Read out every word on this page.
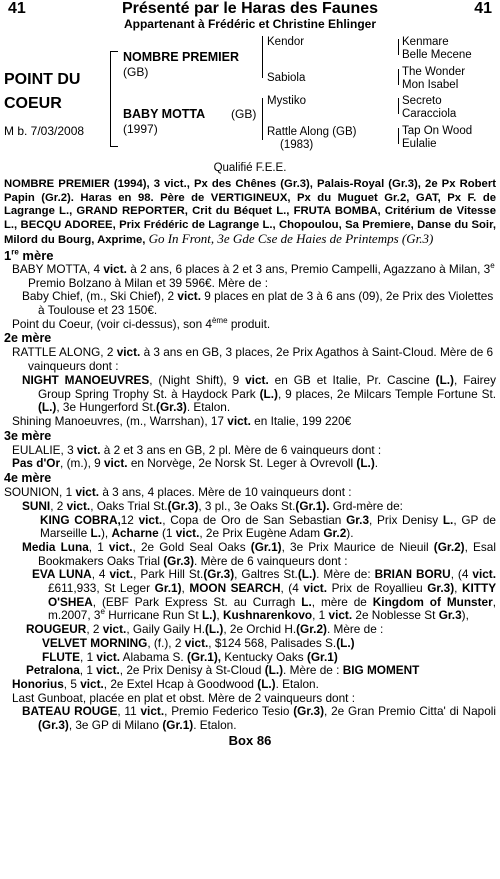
41	Présenté par le Haras des Faunes	41
Appartenant à Frédéric et Christine Ehlinger
POINT DU
COEUR
M b. 7/03/2008
NOMBRE PREMIER
(GB)
BABY MOTTA (GB)
(1997)
Kendor
Sabiola
Mystiko
Rattle Along (GB)
(1983)
Kenmare
Belle Mecene
The Wonder
Mon Isabel
Secreto
Caracciola
Tap On Wood
Eulalie
Qualifié F.E.E.

NOMBRE PREMIER (1994), 3 vict., Px des Chênes (Gr.3), Palais-Royal (Gr.3), 2e Px Robert Papin (Gr.2). Haras en 98. Père de VERTIGINEUX, Px du Muguet Gr.2, GAT, Px F. de Lagrange L., GRAND REPORTER, Crit du Béquet L., FRUTA BOMBA, Critérium de Vitesse L., BECQU ADOREE, Prix Frédéric de Lagrange L., Chopoulou, Sa Premiere, Danse du Soir, Milord du Bourg, Axprime, Go In Front, 3e Gde Cse de Haies de Printemps (Gr.3)

1re mère

BABY MOTTA, 4 vict. à 2 ans, 6 places à 2 et 3 ans, Premio Campelli, Agazzano à Milan, 3e Premio Bolzano à Milan et 39 596€. Mère de :

Baby Chief, (m., Ski Chief), 2 vict. 9 places en plat de 3 à 6 ans (09), 2e Prix des Violettes à Toulouse et 23 150€.

Point du Coeur, (voir ci-dessus), son 4ème produit.

2e mère

RATTLE ALONG, 2 vict. à 3 ans en GB, 3 places, 2e Prix Agathos à Saint-Cloud. Mère de 6 vainqueurs dont :

NIGHT MANOEUVRES, (Night Shift), 9 vict. en GB et Italie, Pr. Cascine (L.), Fairey Group Spring Trophy St. à Haydock Park (L.), 9 places, 2e Milcars Temple Fortune St.(L.), 3e Hungerford St.(Gr.3). Etalon.

Shining Manoeuvres, (m., Warrshan), 17 vict. en Italie, 199 220€

3e mère

EULALIE, 3 vict. à 2 et 3 ans en GB, 2 pl. Mère de 6 vainqueurs dont :

Pas d'Or, (m.), 9 vict. en Norvège, 2e Norsk St. Leger à Ovrevoll (L.).

4e mère

SOUNION, 1 vict. à 3 ans, 4 places. Mère de 10 vainqueurs dont :

SUNI, 2 vict., Oaks Trial St.(Gr.3), 3 pl., 3e Oaks St.(Gr.1). Grd-mère de:

KING COBRA,12 vict., Copa de Oro de San Sebastian Gr.3, Prix Denisy L., GP de Marseille L.), Acharne (1 vict., 2e Prix Eugène Adam Gr.2).

Media Luna, 1 vict., 2e Gold Seal Oaks (Gr.1), 3e Prix Maurice de Nieuil (Gr.2), Esal Bookmakers Oaks Trial (Gr.3). Mère de 6 vainqueurs dont :

EVA LUNA, 4 vict., Park Hill St.(Gr.3), Galtres St.(L.). Mère de: BRIAN BORU, (4 vict. £611,933, St Leger Gr.1), MOON SEARCH, (4 vict. Prix de Royallieu Gr.3), KITTY O'SHEA, (EBF Park Express St. au Curragh L., mère de Kingdom of Munster, m.2007, 3e Hurricane Run St L.), Kushnarenkovo, 1 vict. 2e Noblesse St Gr.3),

ROUGEUR, 2 vict., Gaily Gaily H.(L.), 2e Orchid H.(Gr.2). Mère de :

VELVET MORNING, (f.), 2 vict., $124 568, Palisades S.(L.)

FLUTE, 1 vict. Alabama S. (Gr.1), Kentucky Oaks (Gr.1)

Petralona, 1 vict., 2e Prix Denisy à St-Cloud (L.). Mère de : BIG MOMENT

Honorius, 5 vict., 2e Extel Hcap à Goodwood (L.). Etalon.

Last Gunboat, placée en plat et obst. Mère de 2 vainqueurs dont :

BATEAU ROUGE, 11 vict., Premio Federico Tesio (Gr.3), 2e Gran Premio Citta' di Napoli (Gr.3), 3e GP di Milano (Gr.1). Etalon.

Box 86
